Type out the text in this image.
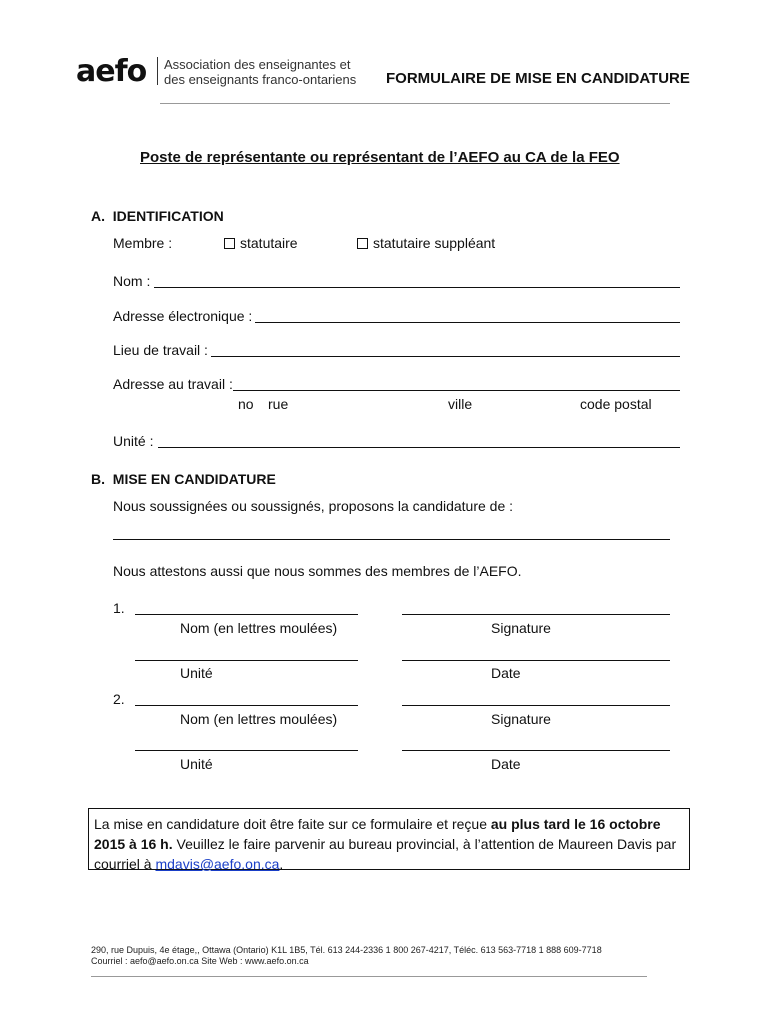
aefo Association des enseignantes et
des enseignants franco-ontariens FORMULAIRE DE MISE EN CANDIDATURE
Poste de représentante ou représentant de l’AEFO au CA de la FEO
A.  IDENTIFICATION
Membre :	statutaire	statutaire suppléant
Nom :
Adresse électronique :
Lieu de travail :
Adresse au travail :
no rue	ville	code postal
Unité :
B.  MISE EN CANDIDATURE
Nous soussignées ou soussignés, proposons la candidature de :
Nous attestons aussi que nous sommes des membres de l’AEFO.
1.
Nom (en lettres moulées)	Signature
Unité	Date
2.
Nom (en lettres moulées)	Signature
Unité	Date
La mise en candidature doit être faite sur ce formulaire et reçue au plus tard le 16 octobre 2015 à 16 h. Veuillez le faire parvenir au bureau provincial, à l’attention de Maureen Davis par courriel à mdavis@aefo.on.ca.
290, rue Dupuis, 4e étage,, Ottawa (Ontario) K1L 1B5, Tél. 613 244-2336 1 800 267-4217, Téléc. 613 563-7718 1 888 609-7718
Courriel : aefo@aefo.on.ca Site Web : www.aefo.on.ca
